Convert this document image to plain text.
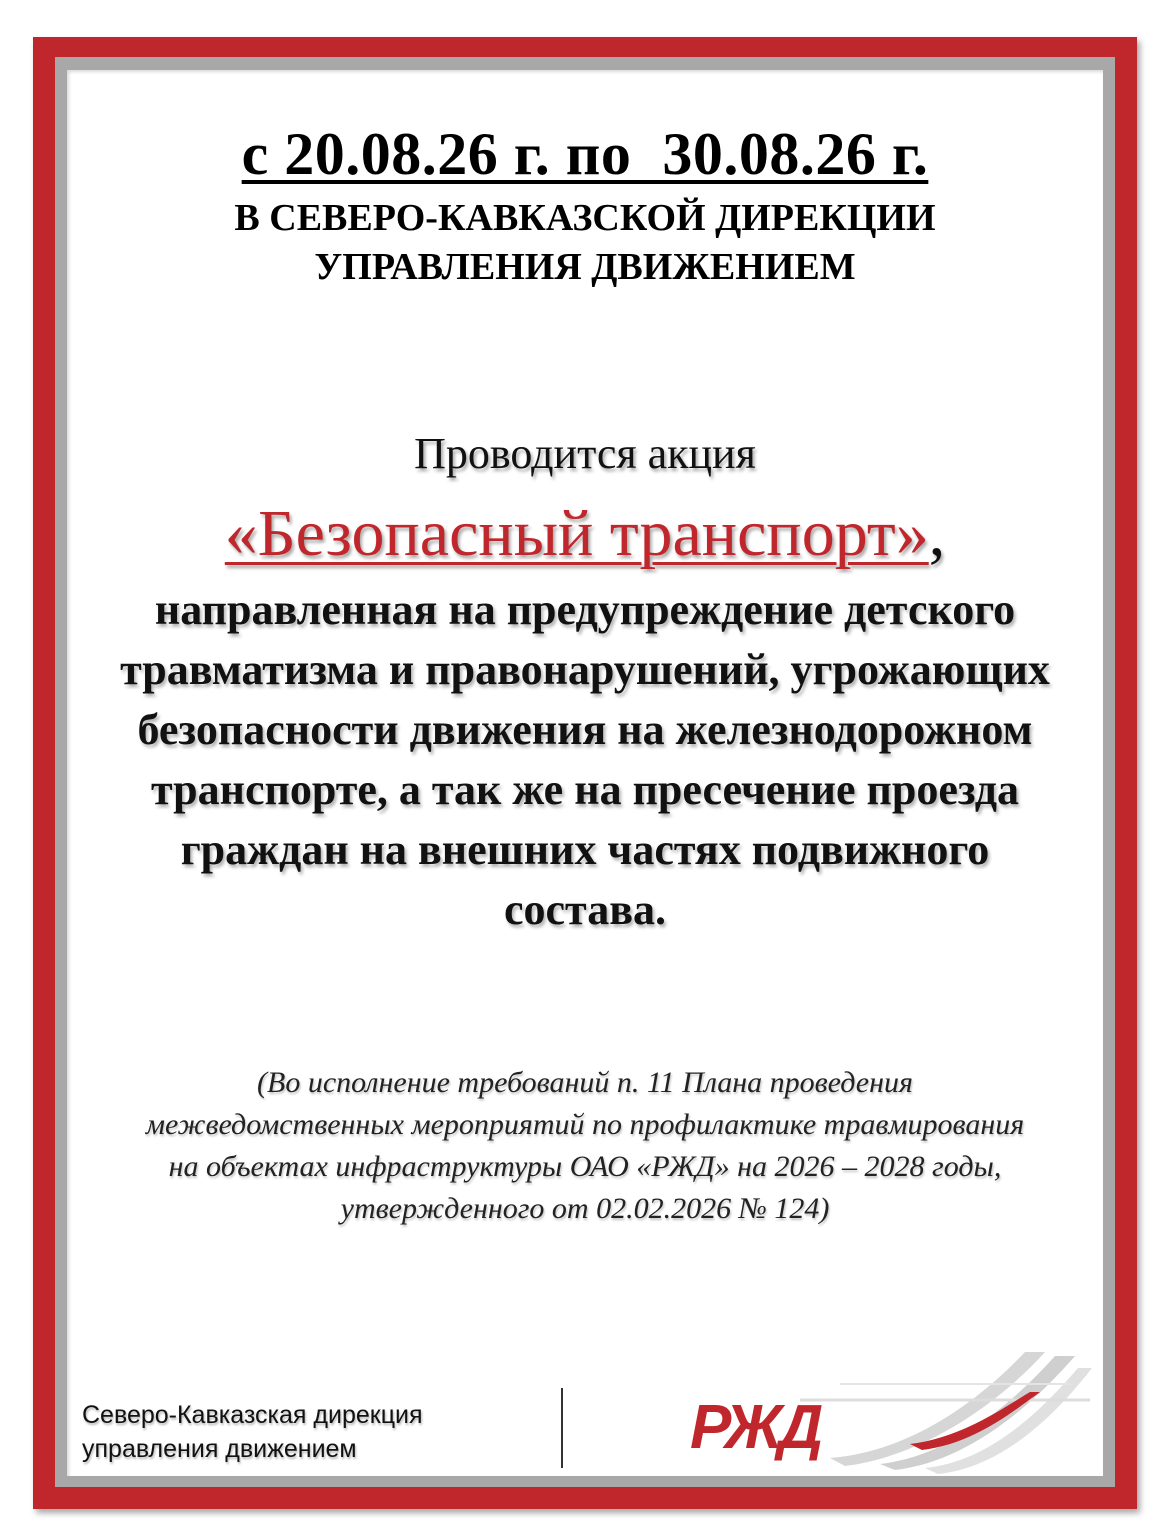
с 20.08.26 г. по  30.08.26 г.
В СЕВЕРО-КАВКАЗСКОЙ ДИРЕКЦИИ
УПРАВЛЕНИЯ ДВИЖЕНИЕМ
Проводится акция
«Безопасный транспорт»,
направленная на предупреждение детского
травматизма и правонарушений, угрожающих
безопасности движения на железнодорожном
транспорте, а так же на пресечение проезда
граждан на внешних частях подвижного
состава.
(Во исполнение требований п. 11 Плана проведения
межведомственных мероприятий по профилактике травмирования
на объектах инфраструктуры ОАО «РЖД» на 2026 – 2028 годы,
утвержденного от 02.02.2026 № 124)
Северо-Кавказская дирекция
управления движением	РЖД
